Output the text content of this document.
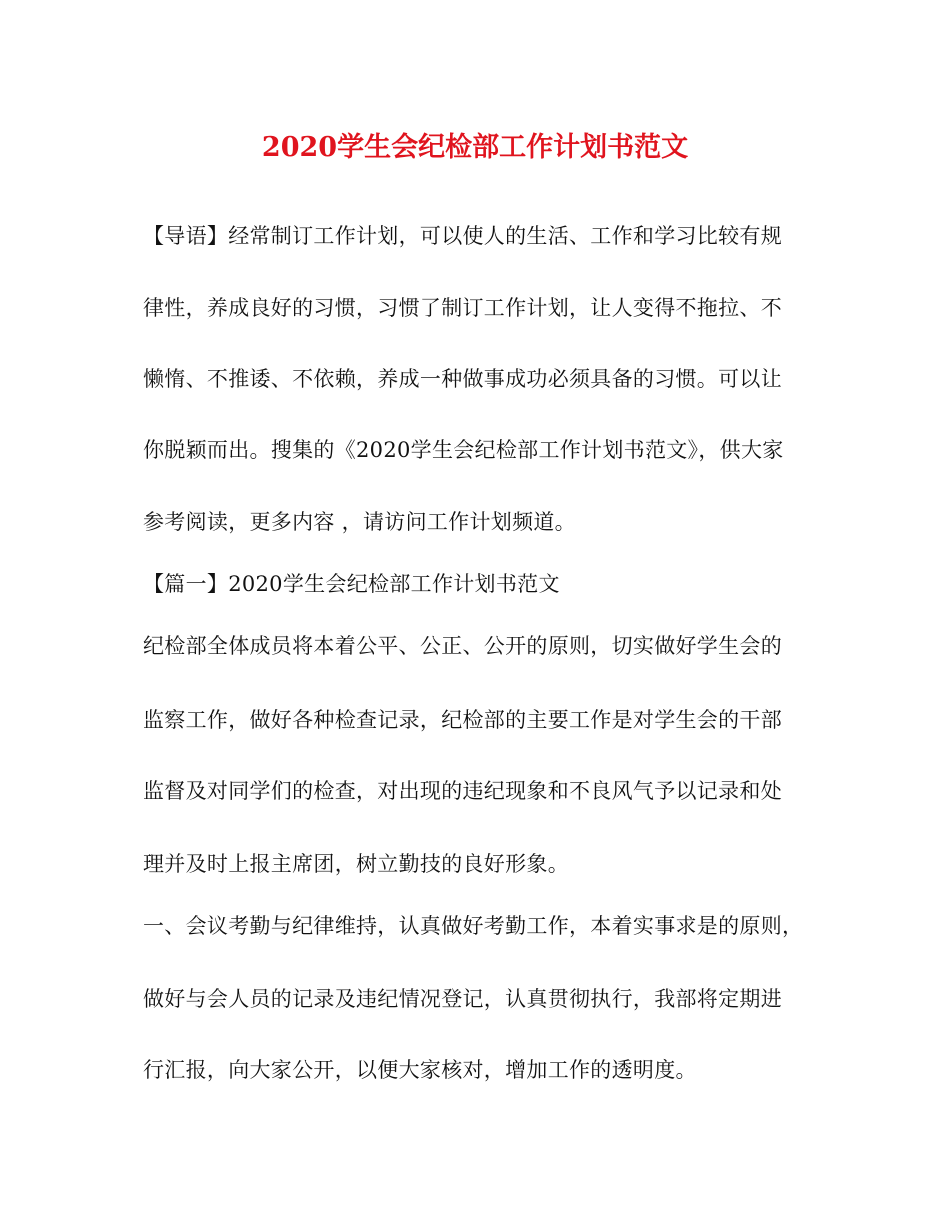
2020学生会纪检部工作计划书范文
【导语】经常制订工作计划，可以使人的生活、工作和学习比较有规
律性，养成良好的习惯，习惯了制订工作计划，让人变得不拖拉、不
懒惰、不推诿、不依赖，养成一种做事成功必须具备的习惯。可以让
你脱颖而出。搜集的《2020学生会纪检部工作计划书范文》，供大家
参考阅读，更多内容 ，请访问工作计划频道。
【篇一】2020学生会纪检部工作计划书范文
纪检部全体成员将本着公平、公正、公开的原则，切实做好学生会的
监察工作，做好各种检查记录，纪检部的主要工作是对学生会的干部
监督及对同学们的检查，对出现的违纪现象和不良风气予以记录和处
理并及时上报主席团，树立勤技的良好形象。
一、会议考勤与纪律维持，认真做好考勤工作，本着实事求是的原则，
做好与会人员的记录及违纪情况登记，认真贯彻执行，我部将定期进
行汇报，向大家公开，以便大家核对，增加工作的透明度。
